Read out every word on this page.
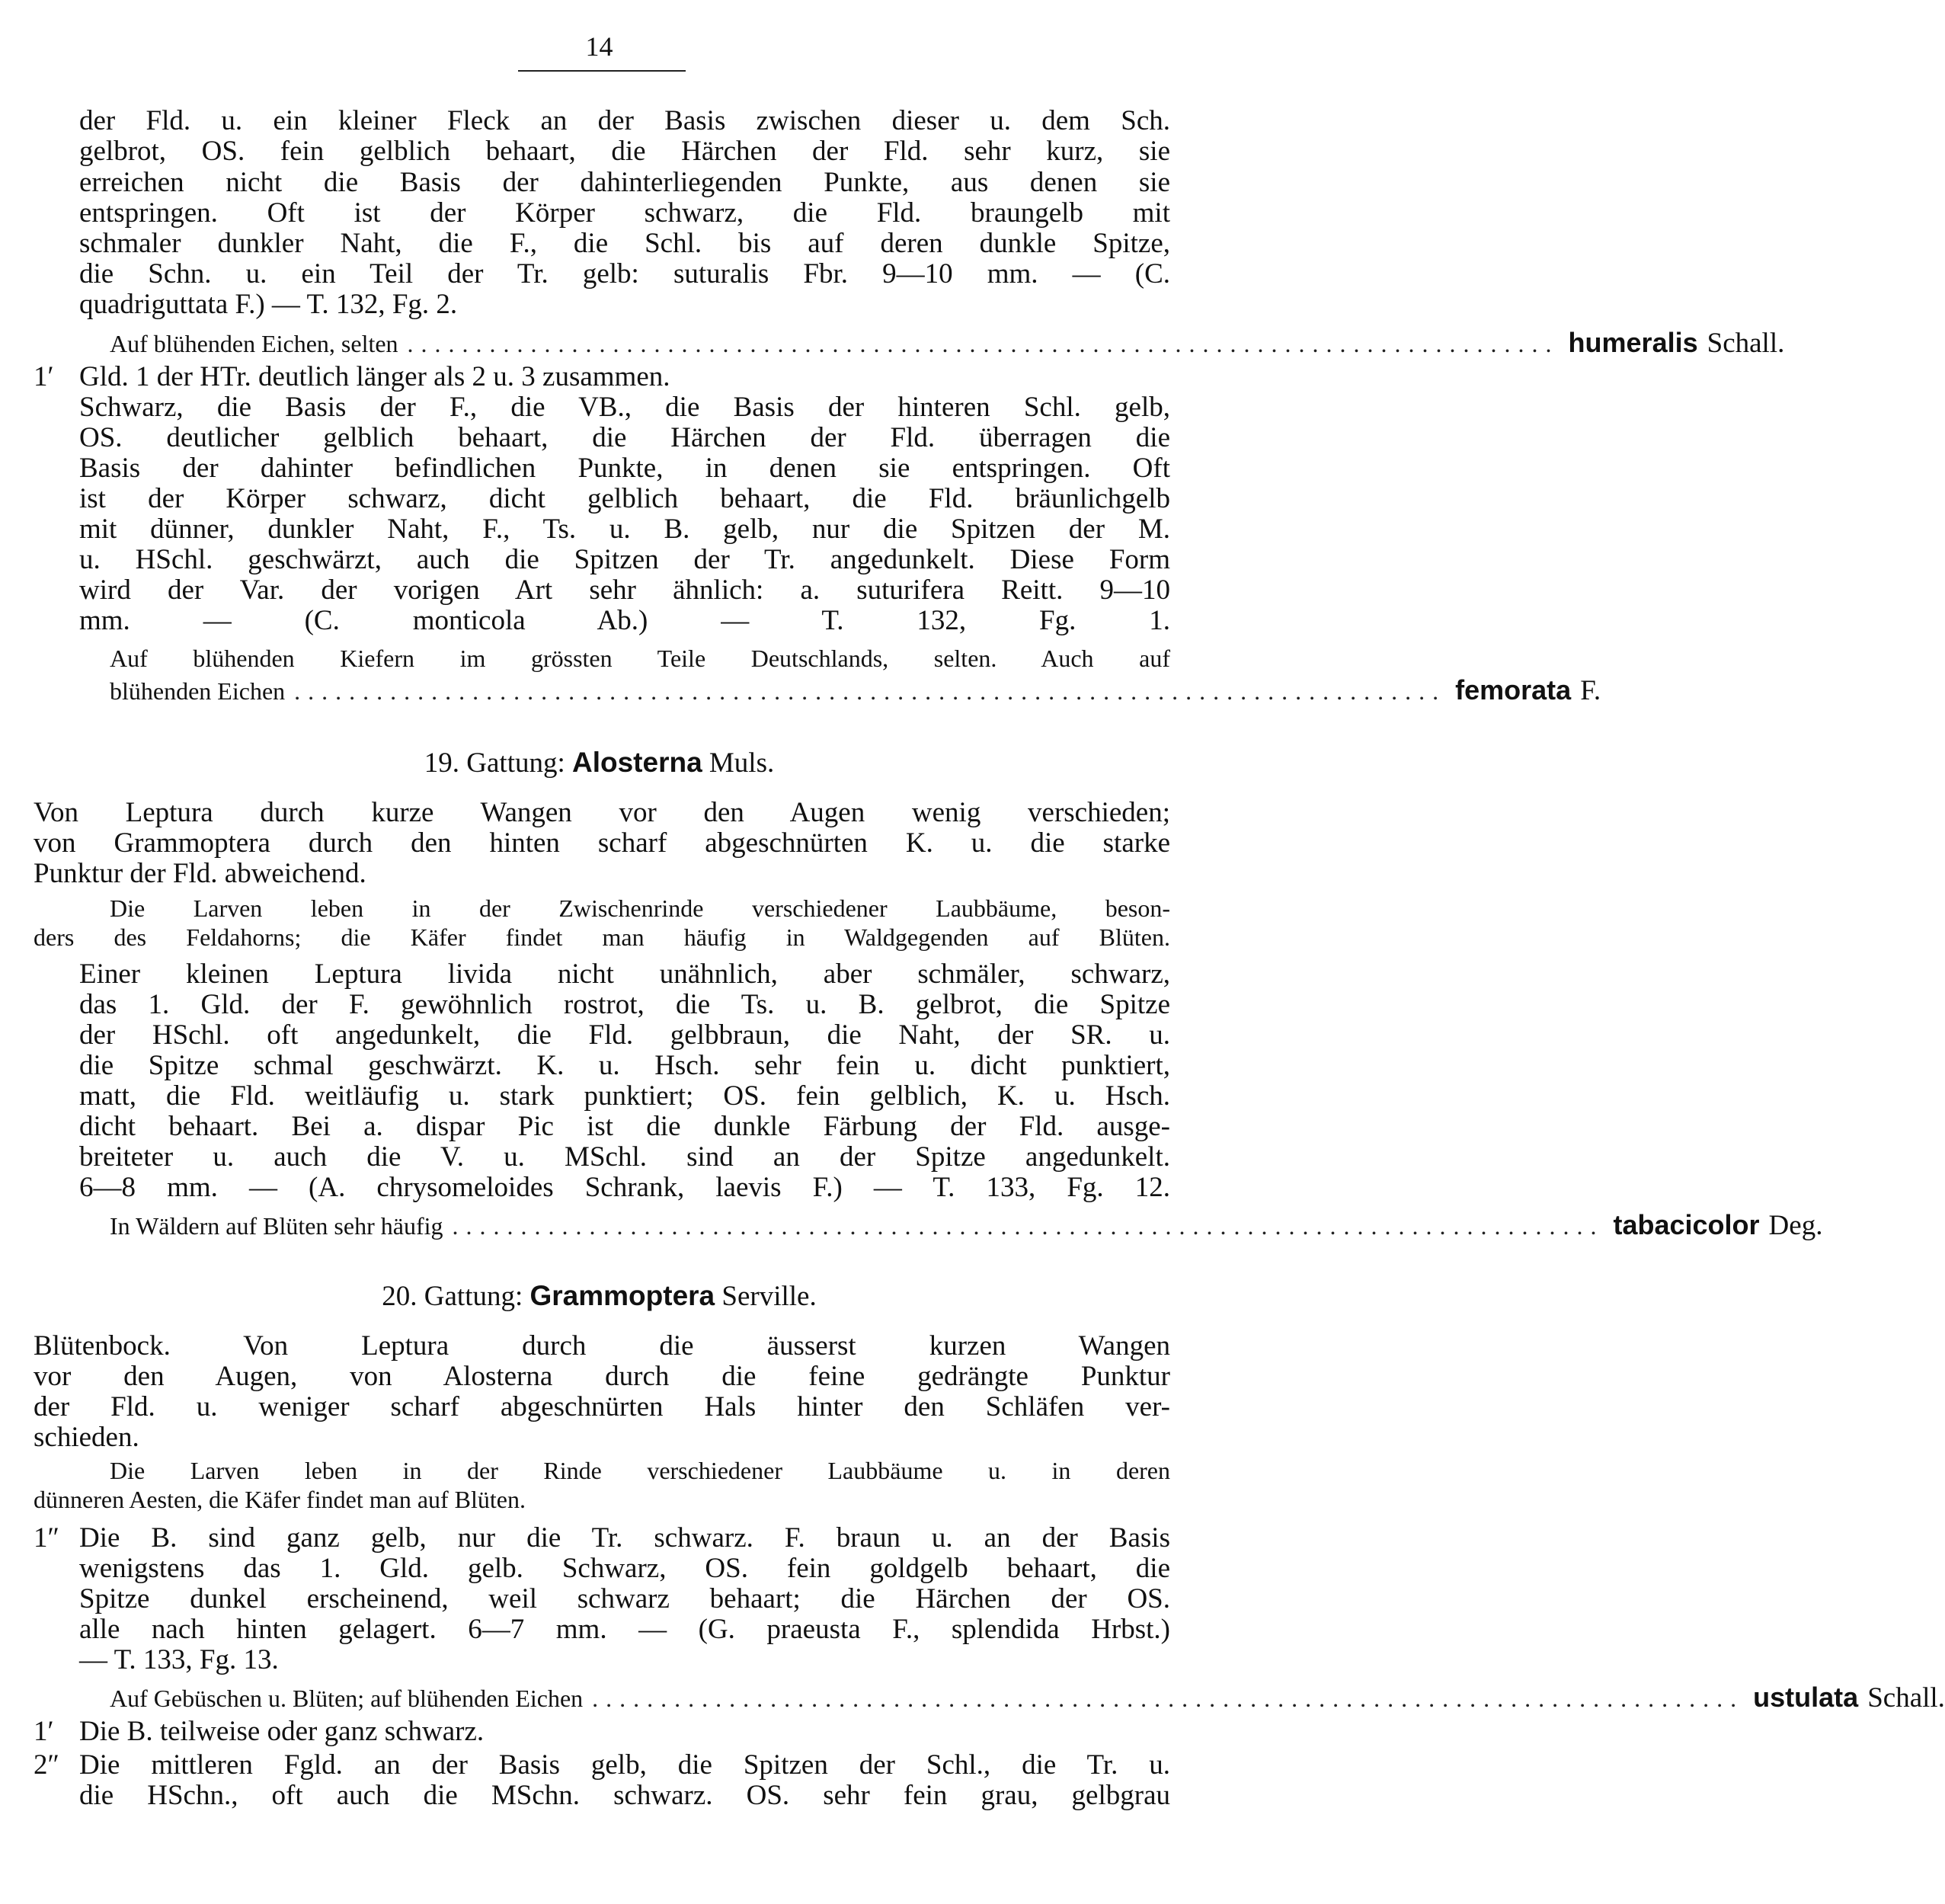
14
der Fld. u. ein kleiner Fleck an der Basis zwischen dieser u. dem Sch.
gelbrot, OS. fein gelblich behaart, die Härchen der Fld. sehr kurz, sie
erreichen nicht die Basis der dahinterliegenden Punkte, aus denen sie
entspringen. Oft ist der Körper schwarz, die Fld. braungelb mit
schmaler dunkler Naht, die F., die Schl. bis auf deren dunkle Spitze,
die Schn. u. ein Teil der Tr. gelb: suturalis Fbr. 9—10 mm. — (C.
quadriguttata F.) — T. 132, Fg. 2.
Auf blühenden Eichen, selten .................................................................................... humeralis Schall.
1′ Gld. 1 der HTr. deutlich länger als 2 u. 3 zusammen.
Schwarz, die Basis der F., die VB., die Basis der hinteren Schl. gelb,
OS. deutlicher gelblich behaart, die Härchen der Fld. überragen die
Basis der dahinter befindlichen Punkte, in denen sie entspringen. Oft
ist der Körper schwarz, dicht gelblich behaart, die Fld. bräunlichgelb
mit dünner, dunkler Naht, F., Ts. u. B. gelb, nur die Spitzen der M.
u. HSchl. geschwärzt, auch die Spitzen der Tr. angedunkelt. Diese Form
wird der Var. der vorigen Art sehr ähnlich: a. suturifera Reitt. 9—10
mm. — (C. monticola Ab.) — T. 132, Fg. 1.
Auf blühenden Kiefern im grössten Teile Deutschlands, selten. Auch auf
blühenden Eichen .................................................................................... femorata F.
19. Gattung: Alosterna Muls.
Von Leptura durch kurze Wangen vor den Augen wenig verschieden;
von Grammoptera durch den hinten scharf abgeschnürten K. u. die starke
Punktur der Fld. abweichend.
Die Larven leben in der Zwischenrinde verschiedener Laubbäume, beson-
ders des Feldahorns; die Käfer findet man häufig in Waldgegenden auf Blüten.
Einer kleinen Leptura livida nicht unähnlich, aber schmäler, schwarz,
das 1. Gld. der F. gewöhnlich rostrot, die Ts. u. B. gelbrot, die Spitze
der HSchl. oft angedunkelt, die Fld. gelbbraun, die Naht, der SR. u.
die Spitze schmal geschwärzt. K. u. Hsch. sehr fein u. dicht punktiert,
matt, die Fld. weitläufig u. stark punktiert; OS. fein gelblich, K. u. Hsch.
dicht behaart. Bei a. dispar Pic ist die dunkle Färbung der Fld. ausge-
breiteter u. auch die V. u. MSchl. sind an der Spitze angedunkelt.
6—8 mm. — (A. chrysomeloides Schrank, laevis F.) — T. 133, Fg. 12.
In Wäldern auf Blüten sehr häufig .................................................................................... tabacicolor Deg.
20. Gattung: Grammoptera Serville.
Blütenbock. Von Leptura durch die äusserst kurzen Wangen
vor den Augen, von Alosterna durch die feine gedrängte Punktur
der Fld. u. weniger scharf abgeschnürten Hals hinter den Schläfen ver-
schieden.
Die Larven leben in der Rinde verschiedener Laubbäume u. in deren
dünneren Aesten, die Käfer findet man auf Blüten.
1″ Die B. sind ganz gelb, nur die Tr. schwarz. F. braun u. an der Basis
wenigstens das 1. Gld. gelb. Schwarz, OS. fein goldgelb behaart, die
Spitze dunkel erscheinend, weil schwarz behaart; die Härchen der OS.
alle nach hinten gelagert. 6—7 mm. — (G. praeusta F., splendida Hrbst.)
— T. 133, Fg. 13.
Auf Gebüschen u. Blüten; auf blühenden Eichen .................................................................................... ustulata Schall.
1′ Die B. teilweise oder ganz schwarz.
2″ Die mittleren Fgld. an der Basis gelb, die Spitzen der Schl., die Tr. u.
die HSchn., oft auch die MSchn. schwarz. OS. sehr fein grau, gelbgrau
